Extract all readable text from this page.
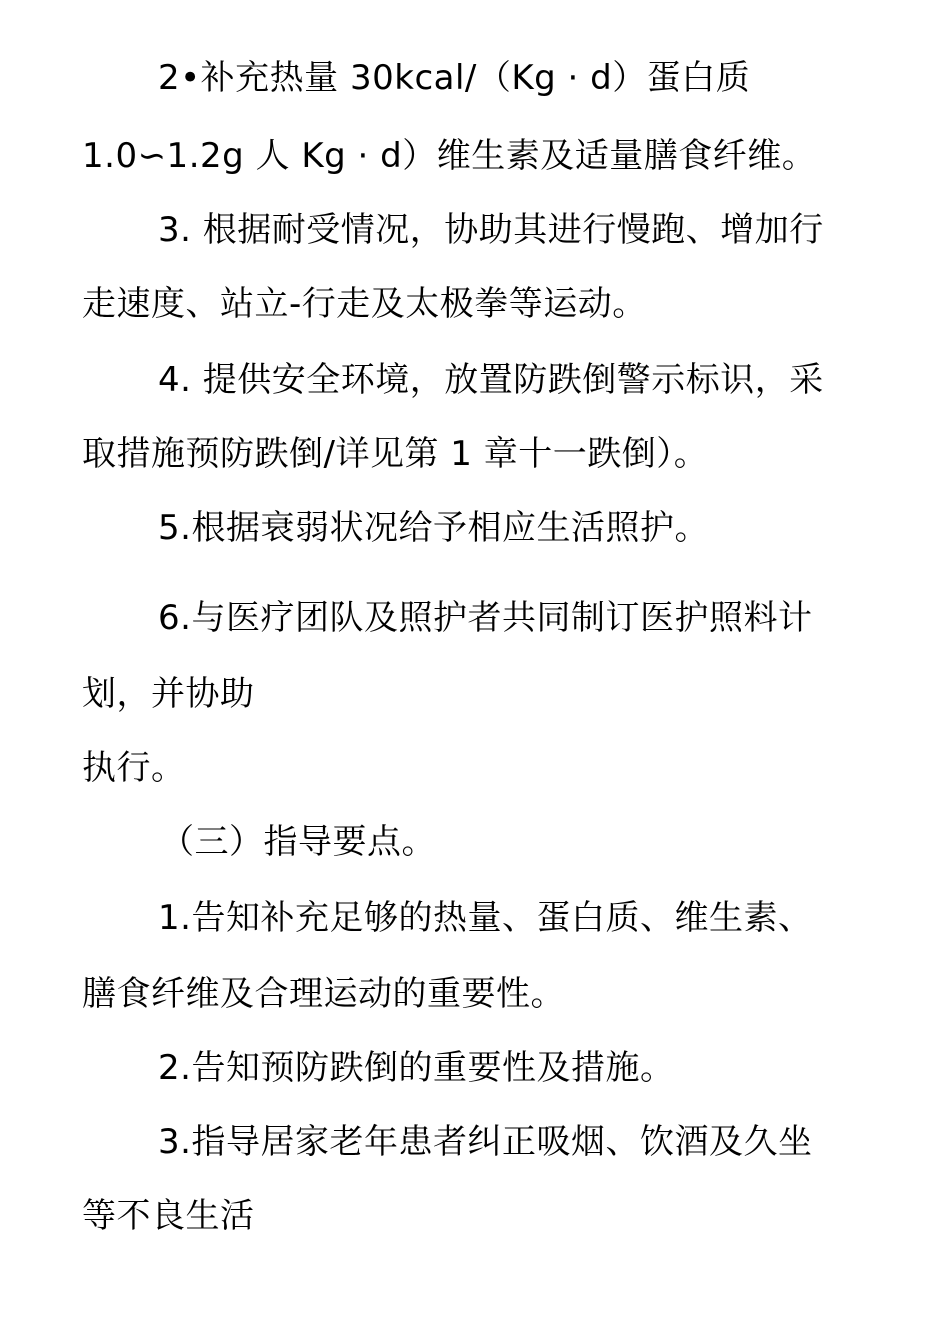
2•补充热量 30kcal/（Kg · d）蛋白质
1.0∽1.2g 人 Kg · d）维生素及适量膳食纤维。
3. 根据耐受情况，协助其进行慢跑、增加行
走速度、站立-行走及太极拳等运动。
4. 提供安全环境，放置防跌倒警示标识，采
取措施预防跌倒/详见第 1 章十一跌倒）。
5.根据衰弱状况给予相应生活照护。
6.与医疗团队及照护者共同制订医护照料计
划，并协助
执行。
（三）指导要点。
1.告知补充足够的热量、蛋白质、维生素、
膳食纤维及合理运动的重要性。
2.告知预防跌倒的重要性及措施。
3.指导居家老年患者纠正吸烟、饮酒及久坐
等不良生活
